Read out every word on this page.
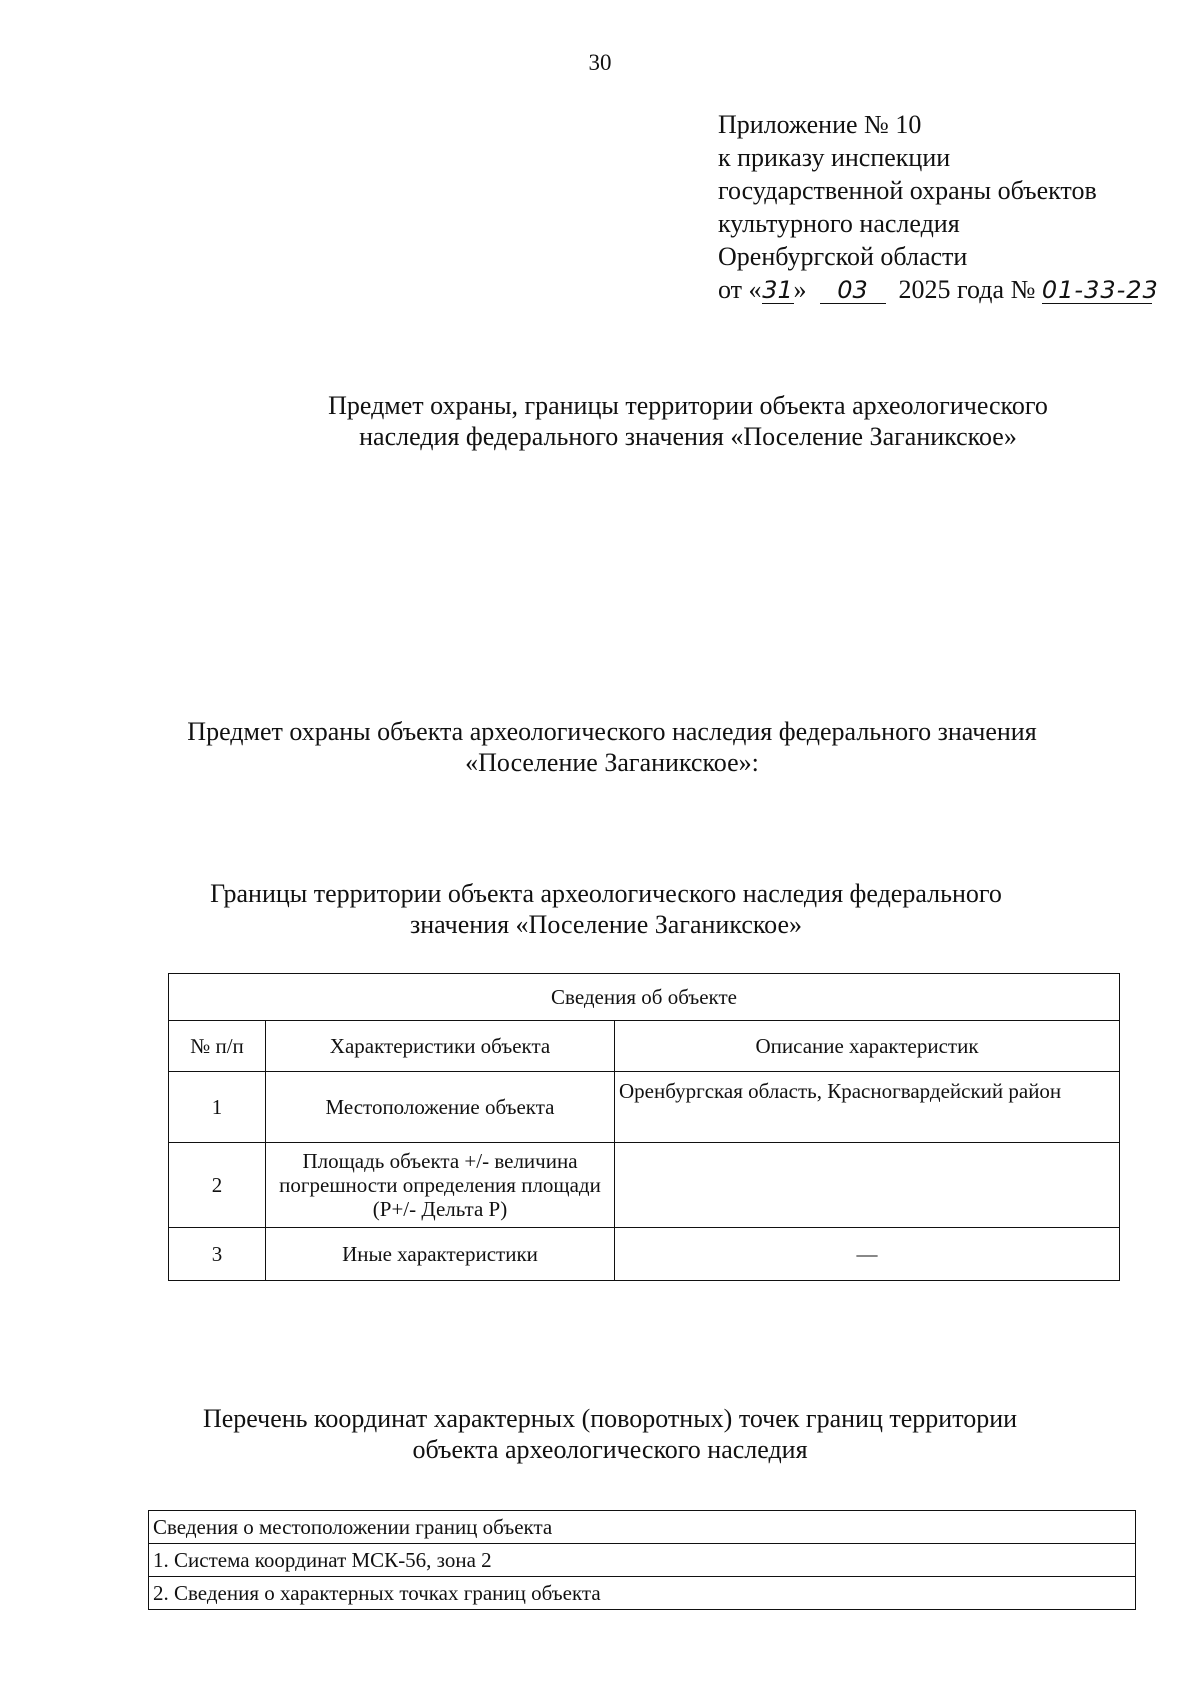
30
Приложение № 10
к приказу инспекции
государственной охраны объектов
культурного наследия
Оренбургской области
от «31» 03 2025 года № 01-33-23
Предмет охраны, границы территории объекта археологического
наследия федерального значения «Поселение Заганикское»
Предмет охраны объекта археологического наследия федерального значения
«Поселение Заганикское»:
Границы территории объекта археологического наследия федерального
значения «Поселение Заганикское»
Сведения об объекте		
№ п/п	Характеристики объекта	Описание характеристик
1	Местоположение объекта	Оренбургская область, Красногвардейский район
2	Площадь объекта +/- величина погрешности определения площади (P+/- Дельта P)	
3	Иные характеристики	—
Перечень координат характерных (поворотных) точек границ территории
объекта археологического наследия
Сведения о местоположении границ объекта
1. Система координат МСК-56, зона 2
2. Сведения о характерных точках границ объекта
